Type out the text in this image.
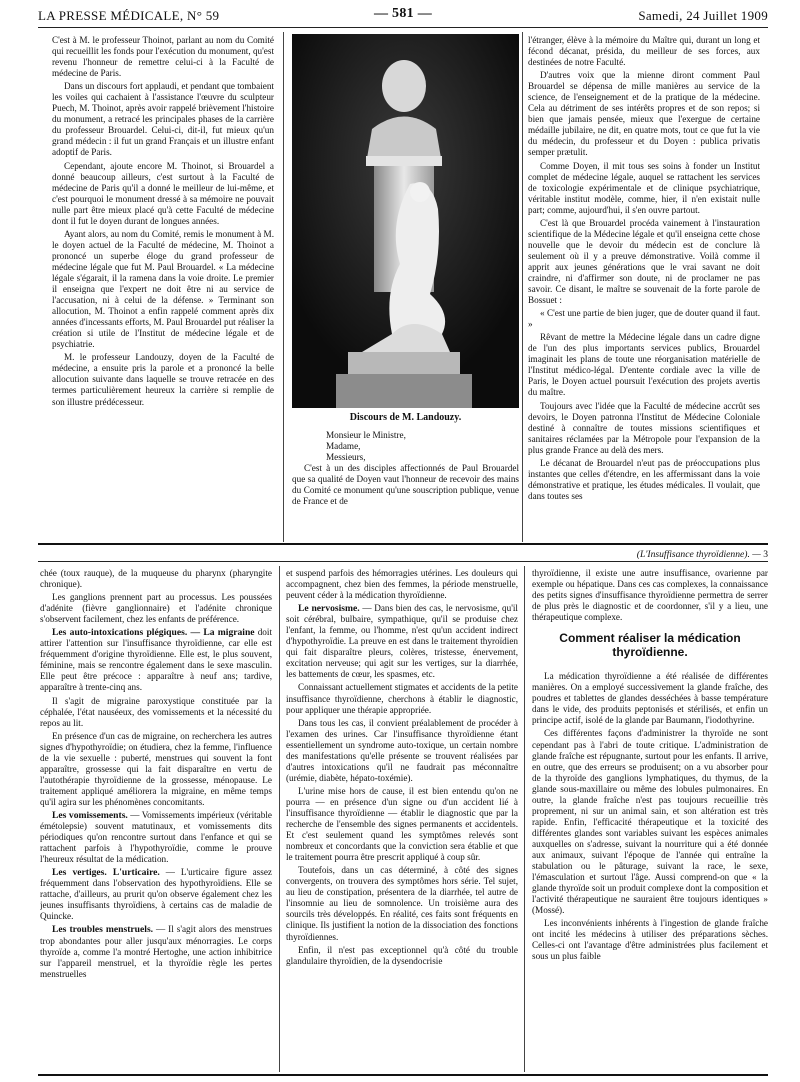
LA PRESSE MÉDICALE, N° 59	— 581 —	Samedi, 24 Juillet 1909

C'est à M. le professeur Thoinot, parlant au nom du Comité qui recueillit les fonds pour l'exécution du monument, qu'est revenu l'honneur de remettre celui-ci à la Faculté de médecine de Paris.

Dans un discours fort applaudi, et pendant que tombaient les voiles qui cachaient à l'assistance l'œuvre du sculpteur Puech, M. Thoinot, après avoir rappelé brièvement l'histoire du monument, a retracé les principales phases de la carrière du professeur Brouardel. Celui-ci, dit-il, fut mieux qu'un grand médecin : il fut un grand Français et un illustre enfant adoptif de Paris.

Cependant, ajoute encore M. Thoinot, si Brouardel a donné beaucoup ailleurs, c'est surtout à la Faculté de médecine de Paris qu'il a donné le meilleur de lui-même, et c'est pourquoi le monument dressé à sa mémoire ne pouvait nulle part être mieux placé qu'à cette Faculté de médecine dont il fut le doyen durant de longues années.

Ayant alors, au nom du Comité, remis le monument à M. le doyen actuel de la Faculté de médecine, M. Thoinot a prononcé un superbe éloge du grand professeur de médecine légale que fut M. Paul Brouardel. « La médecine légale s'égarait, il la ramena dans la voie droite. Le premier il enseigna que l'expert ne doit être ni au service de l'accusation, ni à celui de la défense. » Terminant son allocution, M. Thoinot a enfin rappelé comment après dix années d'incessants efforts, M. Paul Brouardel put réaliser la création si utile de l'Institut de médecine légale et de psychiatrie.

M. le professeur Landouzy, doyen de la Faculté de médecine, a ensuite pris la parole et a prononcé la belle allocution suivante dans laquelle se trouve retracée en des termes particulièrement heureux la carrière si remplie de son illustre prédécesseur.

Discours de M. Landouzy.
Monsieur le Ministre,
Madame,
Messieurs,

C'est à un des disciples affectionnés de Paul Brouardel que sa qualité de Doyen vaut l'honneur de recevoir des mains du Comité ce monument qu'une souscription publique, venue de France et de

l'étranger, élève à la mémoire du Maître qui, durant un long et fécond décanat, présida, du meilleur de ses forces, aux destinées de notre Faculté.

D'autres voix que la mienne diront comment Paul Brouardel se dépensa de mille manières au service de la science, de l'enseignement et de la pratique de la médecine. Cela au détriment de ses intérêts propres et de son repos; si bien que jamais pensée, mieux que l'exergue de certaine médaille jubilaire, ne dit, en quatre mots, tout ce que fut la vie du médecin, du professeur et du Doyen : publica privatis semper prætulit.

Comme Doyen, il mit tous ses soins à fonder un Institut complet de médecine légale, auquel se rattachent les services de toxicologie expérimentale et de clinique psychiatrique, véritable institut modèle, comme, hier, il n'en existait nulle part; comme, aujourd'hui, il s'en ouvre partout.

C'est là que Brouardel procéda vainement à l'instauration scientifique de la Médecine légale et qu'il enseigna cette chose nouvelle que le devoir du médecin est de conclure là seulement où il y a preuve démonstrative. Voilà comme il apprit aux jeunes générations que le vrai savant ne doit craindre, ni d'affirmer son doute, ni de proclamer ne pas savoir. Ce disant, le maître se souvenait de la forte parole de Bossuet :

« C'est une partie de bien juger, que de douter quand il faut. »

Rêvant de mettre la Médecine légale dans un cadre digne de l'un des plus importants services publics, Brouardel imaginait les plans de toute une réorganisation matérielle de l'Institut médico-légal. D'entente cordiale avec la ville de Paris, le Doyen actuel poursuit l'exécution des projets avertis du maître.

Toujours avec l'idée que la Faculté de médecine accrût ses devoirs, le Doyen patronna l'Institut de Médecine Coloniale destiné à connaître de toutes missions scientifiques et sanitaires réclamées par la Métropole pour l'expansion de la plus grande France au delà des mers.

Le décanat de Brouardel n'eut pas de préoccupations plus instantes que celles d'étendre, en les affermissant dans la voie démonstrative et pratique, les études médicales. Il voulait, que dans toutes ses

(L'Insuffisance thyroïdienne). — 3

chée (toux rauque), de la muqueuse du pharynx (pharyngite chronique).

Les ganglions prennent part au processus. Les poussées d'adénite (fièvre ganglionnaire) et l'adénite chronique s'observent facilement, chez les enfants de préférence.

Les auto-intoxications plégiques. — La migraine doit attirer l'attention sur l'insuffisance thyroïdienne, car elle est fréquemment d'origine thyroïdienne. Elle est, le plus souvent, féminine, mais se rencontre également dans le sexe masculin. Elle peut être précoce : apparaître à neuf ans; tardive, apparaître à trente-cinq ans.

Il s'agit de migraine paroxystique constituée par la céphalée, l'état nauséeux, des vomissements et la nécessité du repos au lit.

En présence d'un cas de migraine, on recherchera les autres signes d'hypothyroïdie; on étudiera, chez la femme, l'influence de la vie sexuelle : puberté, menstrues qui souvent la font apparaître, grossesse qui la fait disparaître en vertu de l'autothérapie thyroïdienne de la grossesse, ménopause. Le traitement appliqué améliorera la migraine, en même temps qu'il agira sur les phénomènes concomitants.

Les vomissements. — Vomissements impérieux (véritable émétolepsie) souvent matutinaux, et vomissements dits périodiques qu'on rencontre surtout dans l'enfance et qui se rattachent parfois à l'hypothyroïdie, comme le prouve l'heureux résultat de la médication.

Les vertiges. L'urticaire. — L'urticaire figure assez fréquemment dans l'observation des hypothyroïdiens. Elle se rattache, d'ailleurs, au prurit qu'on observe également chez les jeunes insuffisants thyroïdiens, à certains cas de maladie de Quincke.

Les troubles menstruels. — Il s'agit alors des menstrues trop abondantes pour aller jusqu'aux ménorragies. Le corps thyroïde a, comme l'a montré Hertoghe, une action inhibitrice sur l'appareil menstruel, et la thyroïdie règle les pertes menstruelles

et suspend parfois des hémorragies utérines. Les douleurs qui accompagnent, chez bien des femmes, la période menstruelle, peuvent céder à la médication thyroïdienne.

Le nervosisme. — Dans bien des cas, le nervosisme, qu'il soit cérébral, bulbaire, sympathique, qu'il se produise chez l'enfant, la femme, ou l'homme, n'est qu'un accident indirect d'hypothyroïdie. La preuve en est dans le traitement thyroïdien qui fait disparaître pleurs, colères, tristesse, énervement, excitation nerveuse; qui agit sur les vertiges, sur la diarrhée, les battements de cœur, les spasmes, etc.

Connaissant actuellement stigmates et accidents de la petite insuffisance thyroïdienne, cherchons à établir le diagnostic, pour appliquer une thérapie appropriée.

Dans tous les cas, il convient préalablement de procéder à l'examen des urines. Car l'insuffisance thyroïdienne étant essentiellement un syndrome auto-toxique, un certain nombre des manifestations qu'elle présente se trouvent réalisées par d'autres intoxications qu'il ne faudrait pas méconnaître (urémie, diabète, hépato-toxémie).

L'urine mise hors de cause, il est bien entendu qu'on ne pourra — en présence d'un signe ou d'un accident lié à l'insuffisance thyroïdienne — établir le diagnostic que par la recherche de l'ensemble des signes permanents et accidentels. Et c'est seulement quand les symptômes relevés sont nombreux et concordants que la conviction sera établie et que le traitement pourra être prescrit appliqué à coup sûr.

Toutefois, dans un cas déterminé, à côté des signes convergents, on trouvera des symptômes hors série. Tel sujet, au lieu de constipation, présentera de la diarrhée, tel autre de l'insomnie au lieu de somnolence. Un troisième aura des sourcils très développés. En réalité, ces faits sont fréquents en clinique. Ils justifient la notion de la dissociation des fonctions thyroïdiennes.

Enfin, il n'est pas exceptionnel qu'à côté du trouble glandulaire thyroïdien, de la dysendocrisie

thyroïdienne, il existe une autre insuffisance, ovarienne par exemple ou hépatique. Dans ces cas complexes, la connaissance des petits signes d'insuffisance thyroïdienne permettra de serrer de plus près le diagnostic et de coordonner, s'il y a lieu, une thérapeutique complexe.

Comment réaliser la médication thyroïdienne.

La médication thyroïdienne a été réalisée de différentes manières. On a employé successivement la glande fraîche, des poudres et tablettes de glandes desséchées à basse température dans le vide, des produits peptonisés et stérilisés, et enfin un principe actif, isolé de la glande par Baumann, l'iodothyrine.

Ces différentes façons d'administrer la thyroïde ne sont cependant pas à l'abri de toute critique. L'administration de glande fraîche est répugnante, surtout pour les enfants. Il arrive, en outre, que des erreurs se produisent; on a vu absorber pour de la thyroïde des ganglions lymphatiques, du thymus, de la glande sous-maxillaire ou même des lobules pulmonaires. En outre, la glande fraîche n'est pas toujours recueillie très proprement, ni sur un animal sain, et son altération est très rapide. Enfin, l'efficacité thérapeutique et la toxicité des différentes glandes sont variables suivant les espèces animales auxquelles on s'adresse, suivant la nourriture qui a été donnée aux animaux, suivant l'époque de l'année qui entraîne la stabulation ou le pâturage, suivant la race, le sexe, l'émasculation et surtout l'âge. Aussi comprend-on que « la glande thyroïde soit un produit complexe dont la composition et l'activité thérapeutique ne sauraient être toujours identiques » (Mossé).

Les inconvénients inhérents à l'ingestion de glande fraîche ont incité les médecins à utiliser des préparations sèches. Celles-ci ont l'avantage d'être administrées plus facilement et sous un plus faible
